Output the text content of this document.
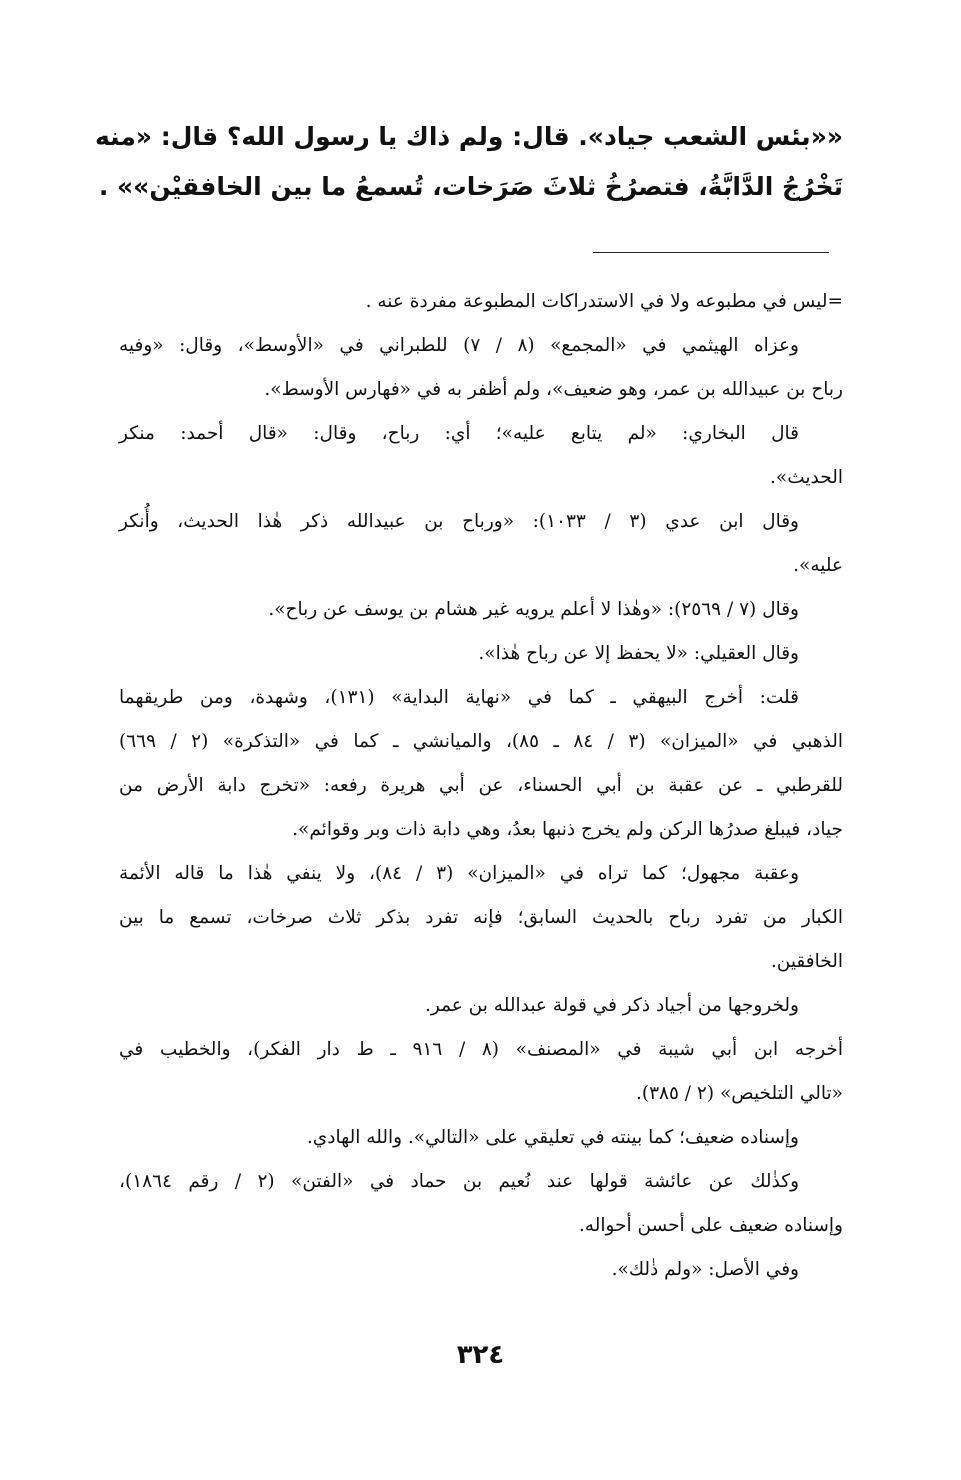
«‏«بئس الشعب جياد». قال: ولم ذاك يا رسول الله؟ قال: «منه
تَخْرُجُ الدَّابَّةُ، فتصرُخُ ثلاثَ صَرَخات، تُسمعُ ما بين الخافقيْن»» .
=ليس في مطبوعه ولا في الاستدراكات المطبوعة مفردة عنه .
وعزاه الهيثمي في «المجمع» (٨ / ٧) للطبراني في «الأوسط»، وقال: «وفيه
رباح بن عبيدالله بن عمر، وهو ضعيف»، ولم أظفر به في «فهارس الأوسط».
قال البخاري: «لم يتابع عليه»؛ أي: رباح، وقال: «قال أحمد: منكر
الحديث».
وقال ابن عدي (٣ / ١٠٣٣): «ورباح بن عبيدالله ذكر هٰذا الحديث، وأُنكر
عليه».
وقال (٧ / ٢٥٦٩): «وهٰذا لا أعلم يرويه غير هشام بن يوسف عن رباح».
وقال العقيلي: «لا يحفظ إلا عن رباح هٰذا».
قلت: أخرج البيهقي ـ كما في «نهاية البداية» (١٣١)، وشهدة، ومن طريقهما
الذهبي في «الميزان» (٣ / ٨٤ ـ ٨٥)، والميانشي ـ كما في «التذكرة» (٢ / ٦٦٩)
للقرطبي ـ عن عقبة بن أبي الحسناء، عن أبي هريرة رفعه: «تخرج دابة الأرض من
جياد، فيبلغ صدرُها الركن ولم يخرج ذنبها بعدُ، وهي دابة ذات وبر وقوائم».
وعقبة مجهول؛ كما تراه في «الميزان» (٣ / ٨٤)، ولا ينفي هٰذا ما قاله الأئمة
الكبار من تفرد رباح بالحديث السابق؛ فإنه تفرد بذكر ثلاث صرخات، تسمع ما بين
الخافقين.
ولخروجها من أجياد ذكر في قولة عبدالله بن عمر.
أخرجه ابن أبي شيبة في «المصنف» (٨ / ٩١٦ ـ ط دار الفكر)، والخطيب في
«تالي التلخيص» (٢ / ٣٨٥).
وإسناده ضعيف؛ كما بينته في تعليقي على «التالي». والله الهادي.
وكذٰلك عن عائشة قولها عند نُعيم بن حماد في «الفتن» (٢ / رقم ١٨٦٤)،
وإسناده ضعيف على أحسن أحواله.
وفي الأصل: «ولم ذٰلك».
٣٢٤
